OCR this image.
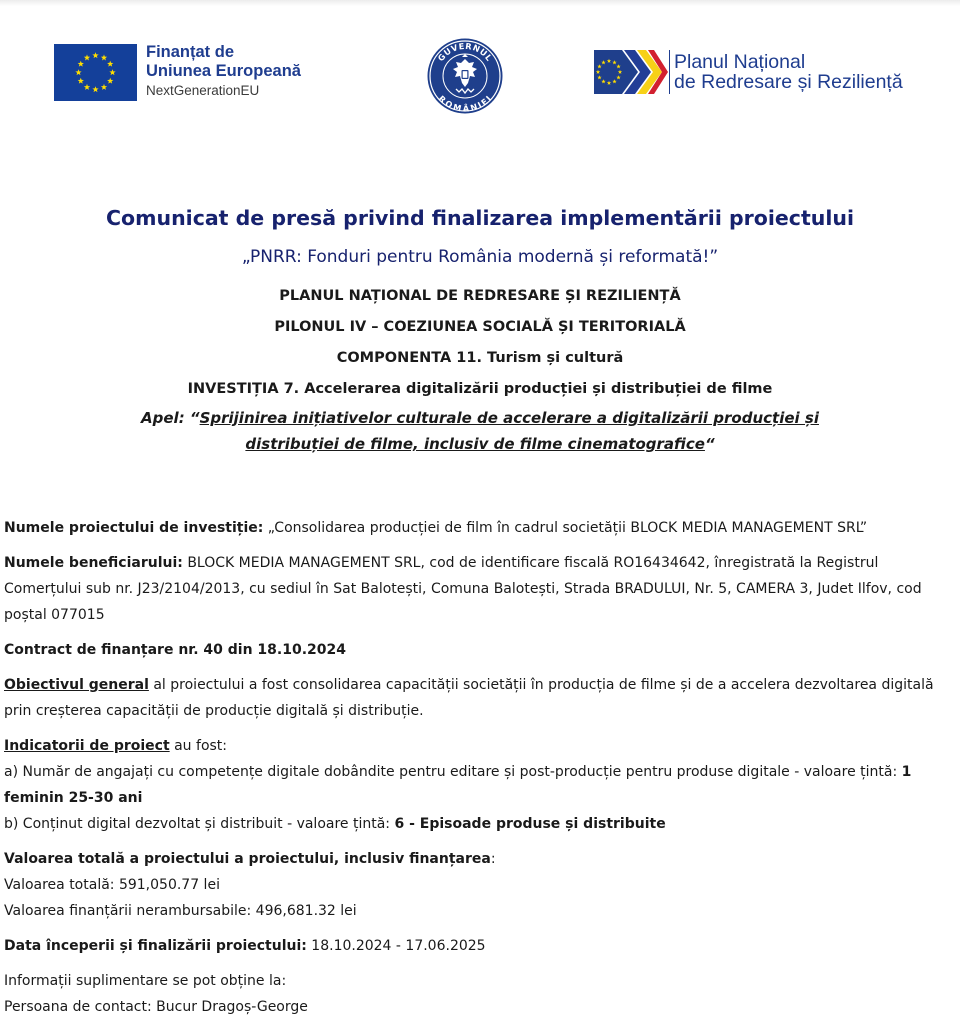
Finanțat de
Uniunea Europeană
NextGenerationEU
GUVERNUL
ROMÂNIEI
Planul Național
de Redresare și Reziliență
Comunicat de presă privind finalizarea implementării proiectului
„PNRR: Fonduri pentru România modernă și reformată!”
PLANUL NAȚIONAL DE REDRESARE ȘI REZILIENȚĂ
PILONUL IV – COEZIUNEA SOCIALĂ ȘI TERITORIALĂ
COMPONENTA 11. Turism și cultură
INVESTIȚIA 7. Accelerarea digitalizării producției și distribuției de filme
Apel: “Sprijinirea inițiativelor culturale de accelerare a digitalizării producției și distribuției de filme, inclusiv de filme cinematografice“

Numele proiectului de investiție: „Consolidarea producției de film în cadrul societății BLOCK MEDIA MANAGEMENT SRL”

Numele beneficiarului: BLOCK MEDIA MANAGEMENT SRL, cod de identificare fiscală RO16434642, înregistrată la Registrul Comerțului sub nr. J23/2104/2013, cu sediul în Sat Balotești, Comuna Balotești, Strada BRADULUI, Nr. 5, CAMERA 3, Judet Ilfov, cod poștal 077015

Contract de finanțare nr. 40 din 18.10.2024

Obiectivul general al proiectului a fost consolidarea capacității societății în producția de filme și de a accelera dezvoltarea digitală prin creșterea capacității de producție digitală și distribuție.

Indicatorii de proiect au fost:

a) Număr de angajați cu competențe digitale dobândite pentru editare și post-producție pentru produse digitale - valoare țintă: 1 feminin 25-30 ani

b) Conținut digital dezvoltat și distribuit - valoare țintă: 6 - Episoade produse și distribuite

Valoarea totală a proiectului a proiectului, inclusiv finanțarea:

Valoarea totală: 591,050.77 lei

Valoarea finanțării nerambursabile: 496,681.32 lei

Data începerii și finalizării proiectului: 18.10.2024 - 17.06.2025

Informații suplimentare se pot obține la:

Persoana de contact: Bucur Dragoș-George
